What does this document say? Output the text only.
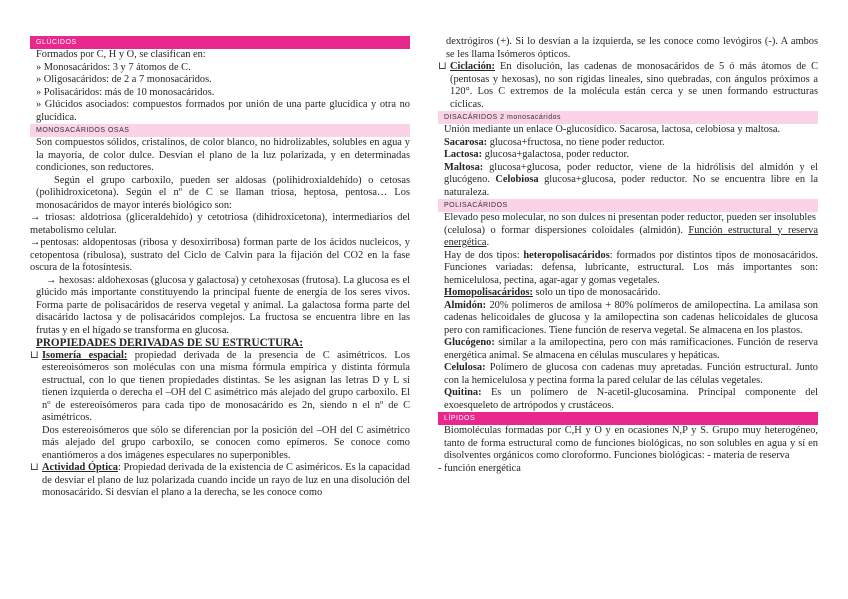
GLÚCIDOS

Formados por C, H y O, se clasifican en:

» Monosacáridos: 3 y 7 átomos de C.

» Oligosacáridos: de 2 a 7 monosacáridos.

» Polisacáridos: más de 10 monosacáridos.

» Glúcidos asociados: compuestos formados por unión de una parte glucídica y otra no glucídica.

MONOSACÁRIDOS OSAS

Son compuestos sólidos, cristalinos, de color blanco, no hidrolizables, solubles en agua y la mayoría, de color dulce. Desvían el plano de la luz polarizada, y en determinadas condiciones, son reductores.

Según el grupo carboxilo, pueden ser aldosas (polihidroxialdehído) o cetosas (polihidroxicetona). Según el nº de C se llaman triosa, heptosa, pentosa… Los monosacáridos de mayor interés biológico son:

→ triosas: aldotriosa (gliceraldehído) y cetotriosa (dihidroxicetona), intermediarios del metabolismo celular.

→pentosas: aldopentosas (ribosa y desoxirribosa) forman parte de los ácidos nucleicos, y cetopentosa (ribulosa), sustrato del Ciclo de Calvin para la fijación del CO2 en la fase oscura de la fotosíntesis.

→ hexosas: aldohexosas (glucosa y galactosa) y cetohexosas (frutosa). La glucosa es el glúcido más importante constituyendo la principal fuente de energía de los seres vivos. Forma parte de polisacáridos de reserva vegetal y animal. La galactosa forma parte del disacárido lactosa y de polisacáridos complejos. La fructosa se encuentra libre en las frutas y en el hígado se transforma en glucosa.

PROPIEDADES DERIVADAS DE SU ESTRUCTURA:

⊔ Isomería espacial: propiedad derivada de la presencia de C asimétricos. Los estereoisómeros son moléculas con una misma fórmula empírica y distinta fórmula estructual, con lo que tienen propiedades distintas. Se les asignan las letras D y L si tienen izquierda o derecha el –OH del C asimétrico más alejado del grupo carboxilo. El nº de estereoisómeros para cada tipo de monosacárido es 2n, siendo n el nº de C asimétricos.

Dos estereoisómeros que sólo se diferencian por la posición del –OH del C asimétrico más alejado del grupo carboxilo, se conocen como epímeros. Se conoce como enantiómeros a dos imágenes especulares no superponibles.

⊔ Actividad Óptica: Propiedad derivada de la existencia de C asiméricos. Es la capacidad de desviar el plano de luz polarizada cuando incide un rayo de luz en una disolución del monosacárido. Si desvían el plano a la derecha, se les conoce como

dextrógiros (+). Si lo desvían a la izquierda, se les conoce como levógiros (-). A ambos se les llama Isómeros ópticos.

⊔ Ciclación: En disolución, las cadenas de monosacáridos de 5 ó más átomos de C (pentosas y hexosas), no son rígidas lineales, sino quebradas, con ángulos próximos a 120°. Los C extremos de la molécula están cerca y se unen formando estructuras cíclicas.

DISACÁRIDOS 2 monosacáridos

Unión mediante un enlace O-glucosídico. Sacarosa, lactosa, celobiosa y maltosa.

Sacarosa: glucosa+fructosa, no tiene poder reductor.

Lactosa: glucosa+galactosa, poder reductor.

Maltosa: glucosa+glucosa, poder reductor, viene de la hidrólisis del almidón y el glucógeno. Celobiosa glucosa+glucosa, poder reductor. No se encuentra libre en la naturaleza.

POLISACÁRIDOS

Elevado peso molecular, no son dulces ni presentan poder reductor, pueden ser insolubles
(celulosa) o formar dispersiones coloidales (almidón). Función estructural y reserva energética.

Hay de dos tipos: heteropolisacáridos: formados por distintos tipos de monosacáridos. Funciones variadas: defensa, lubricante, estructural. Los más importantes son: hemicelulosa, pectina, agar-agar y gomas vegetales.

Homopolisacáridos: solo un tipo de monosacárido.

Almidón: 20% polímeros de amilosa + 80% polímeros de amilopectina. La amilasa son cadenas helicoidales de glucosa y la amilopectina son cadenas helicoidales de glucosa pero con ramificaciones. Tiene función de reserva vegetal. Se almacena en los plastos.

Glucógeno: similar a la amilopectina, pero con más ramificaciones. Función de reserva energética animal. Se almacena en células musculares y hepáticas.

Celulosa: Polímero de glucosa con cadenas muy apretadas. Función estructural. Junto con la hemicelulosa y pectina forma la pared celular de las células vegetales.

Quitina: Es un polímero de N-acetil-glucosamina. Principal componente del exoesqueleto de artrópodos y crustáceos.

LÍPIDOS

Biomoléculas formadas por C,H y O y en ocasiones N,P y S. Grupo muy heterogéneo, tanto de forma estructural como de funciones biológicas, no son solubles en agua y sí en disolventes orgánicos como cloroformo. Funciones biológicas: - materia de reserva

- función energética
